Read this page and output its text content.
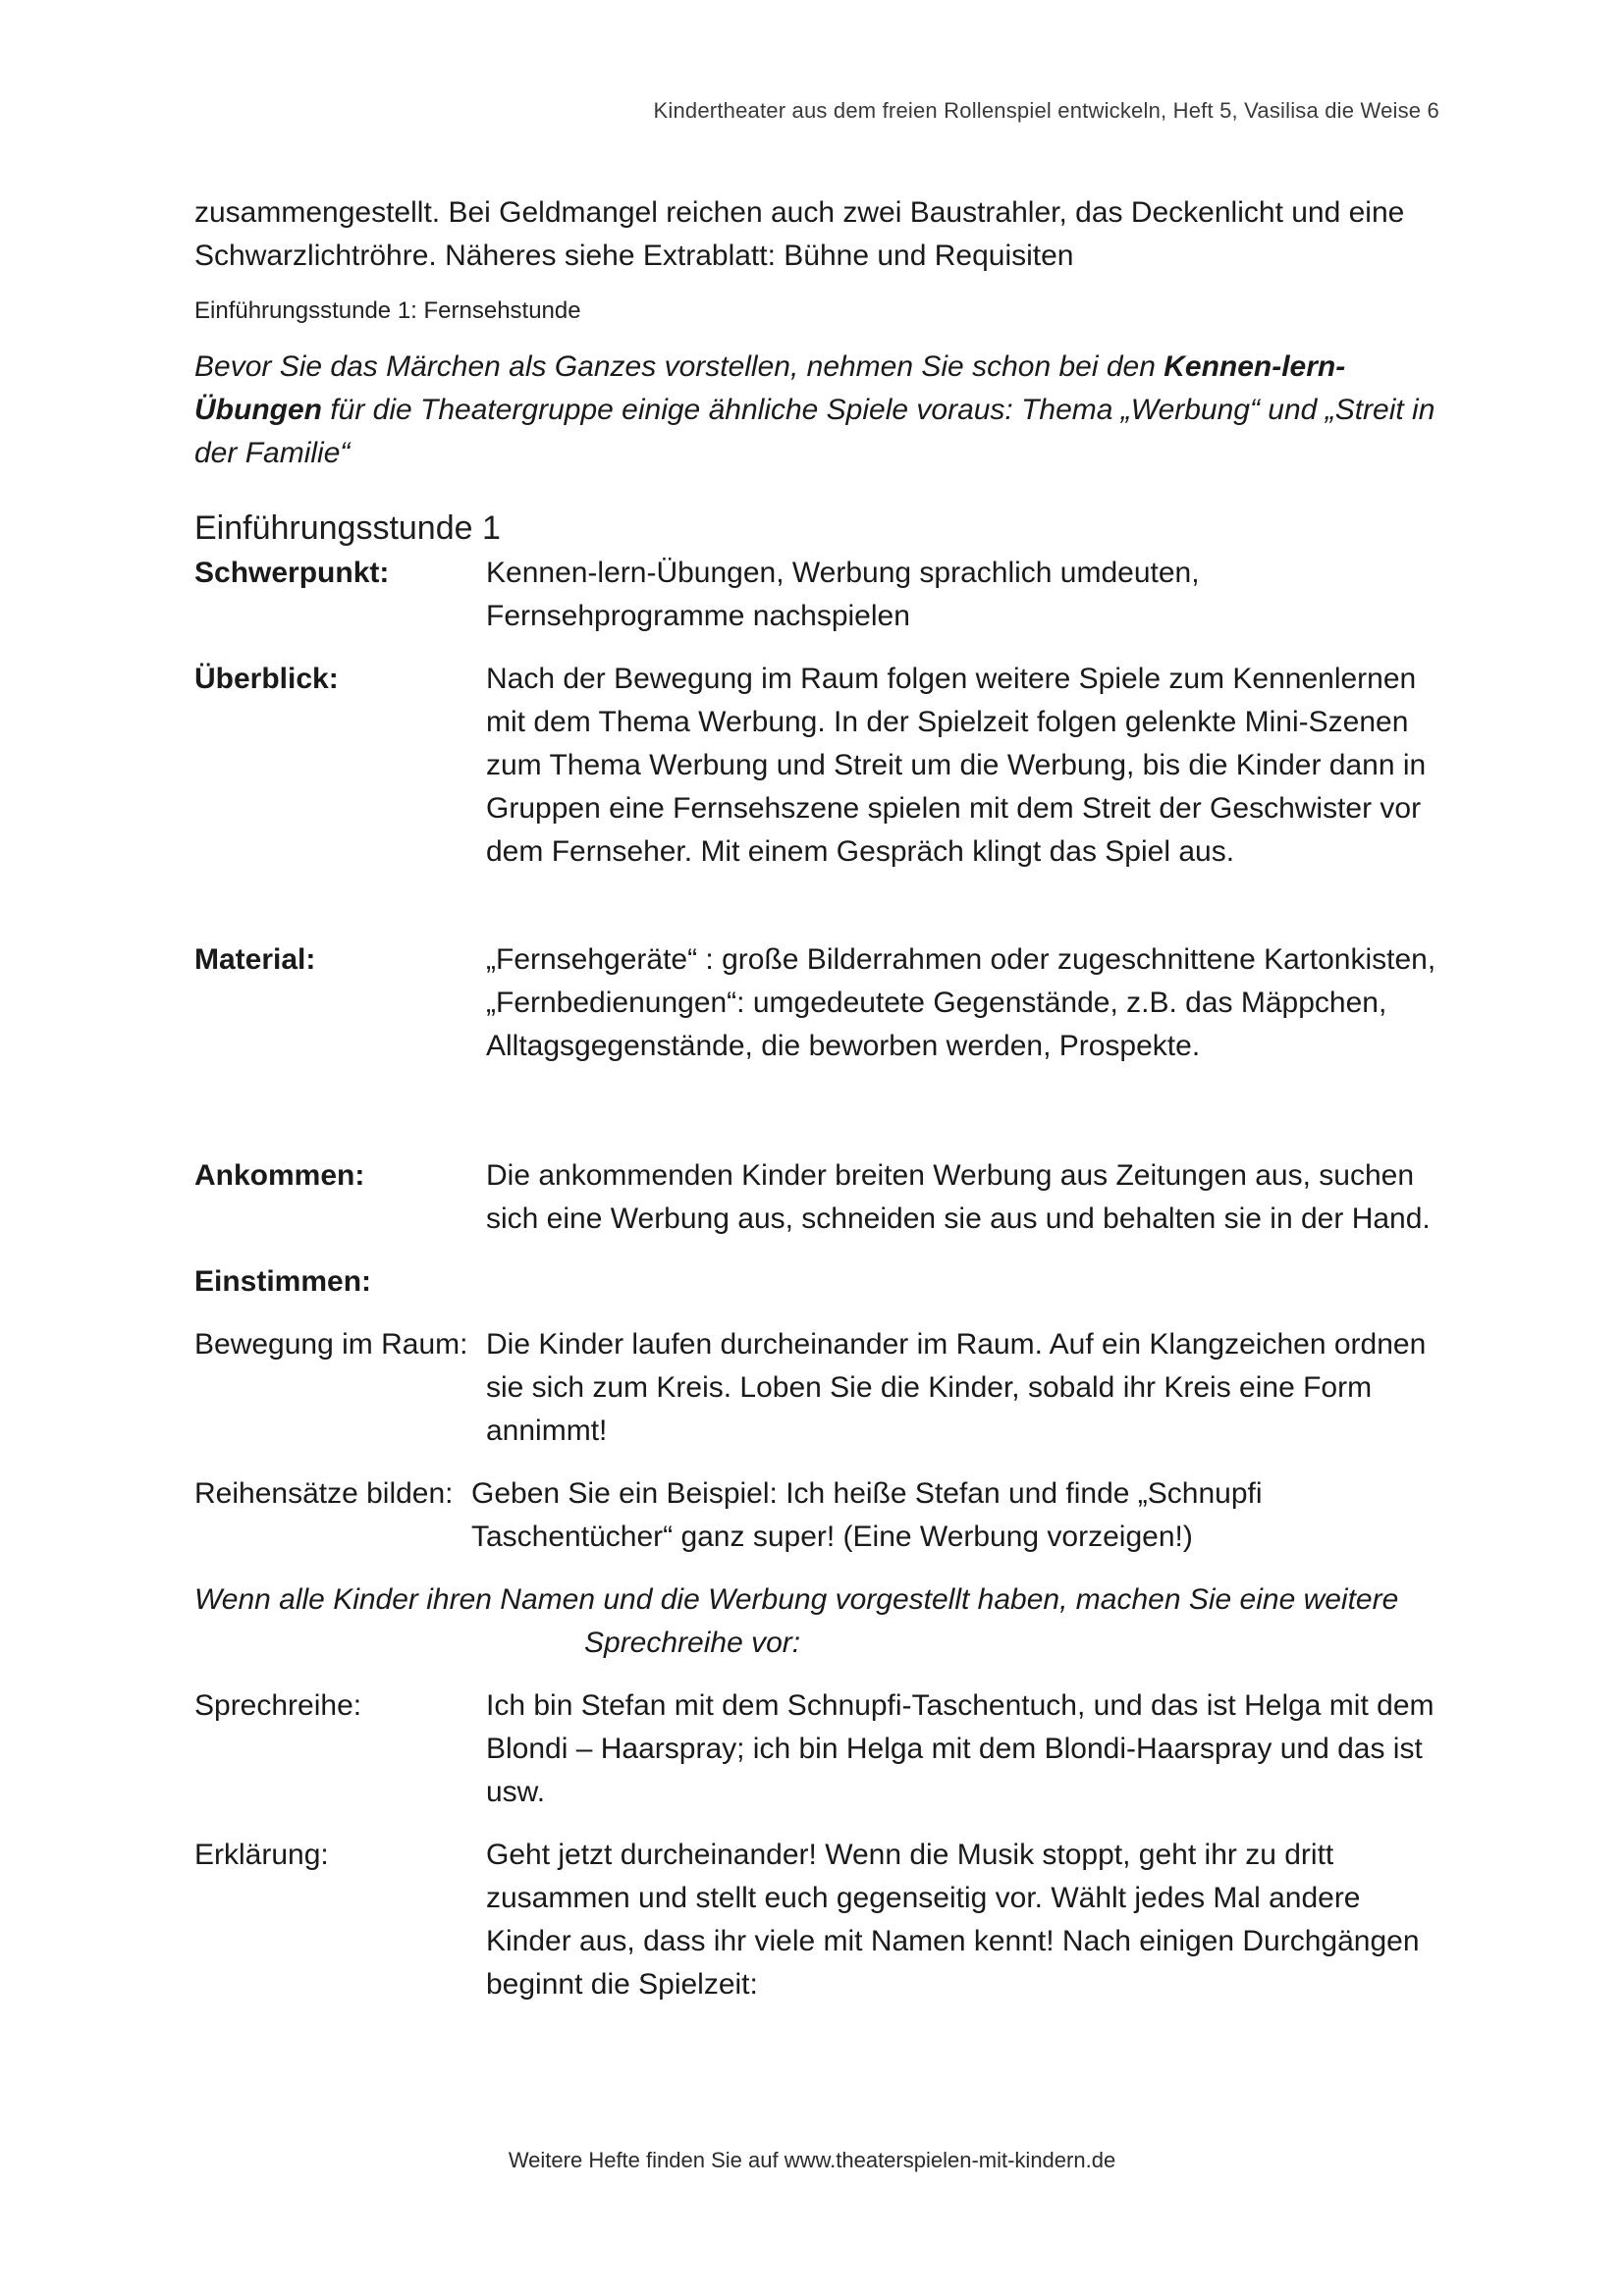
Kindertheater aus dem freien Rollenspiel entwickeln, Heft 5, Vasilisa die Weise 6

zusammengestellt. Bei Geldmangel reichen auch zwei Baustrahler, das Deckenlicht und eine
Schwarzlichtröhre. Näheres siehe Extrablatt: Bühne und Requisiten

Einführungsstunde 1: Fernsehstunde

Bevor Sie das Märchen als Ganzes vorstellen, nehmen Sie schon bei den Kennen-lern-Übungen für die Theatergruppe einige ähnliche Spiele voraus: Thema „Werbung“ und „Streit in der Familie“

Einführungsstunde 1

Schwerpunkt:	Kennen-lern-Übungen, Werbung sprachlich umdeuten, Fernsehprogramme nachspielen
Überblick:	Nach der Bewegung im Raum folgen weitere Spiele zum Kennenlernen mit dem Thema Werbung. In der Spielzeit folgen gelenkte Mini-Szenen zum Thema Werbung und Streit um die Werbung, bis die Kinder dann in Gruppen eine Fernsehszene spielen mit dem Streit der Geschwister vor dem Fernseher. Mit einem Gespräch klingt das Spiel aus.
Material:	„Fernsehgeräte“ : große Bilderrahmen oder zugeschnittene Kartonkisten, „Fernbedienungen“: umgedeutete Gegenstände, z.B. das Mäppchen, Alltagsgegenstände, die beworben werden, Prospekte.
Ankommen:	Die ankommenden Kinder breiten Werbung aus Zeitungen aus, suchen sich eine Werbung aus, schneiden sie aus und behalten sie in der Hand.
Einstimmen:
Bewegung im Raum: Die Kinder laufen durcheinander im Raum. Auf ein Klangzeichen ordnen sie sich zum Kreis. Loben Sie die Kinder, sobald ihr Kreis eine Form annimmt!
Reihensätze bilden: Geben Sie ein Beispiel: Ich heiße Stefan und finde „Schnupfi Taschentücher“ ganz super! (Eine Werbung vorzeigen!)

Wenn alle Kinder ihren Namen und die Werbung vorgestellt haben, machen Sie eine weitere
Sprechreihe vor:

Sprechreihe:	Ich bin Stefan mit dem Schnupfi-Taschentuch, und das ist Helga mit dem Blondi – Haarspray; ich bin Helga mit dem Blondi-Haarspray und das ist usw.
Erklärung:	Geht jetzt durcheinander! Wenn die Musik stoppt, geht ihr zu dritt zusammen und stellt euch gegenseitig vor. Wählt jedes Mal andere Kinder aus, dass ihr viele mit Namen kennt! Nach einigen Durchgängen beginnt die Spielzeit:
Weitere Hefte finden Sie auf www.theaterspielen-mit-kindern.de
